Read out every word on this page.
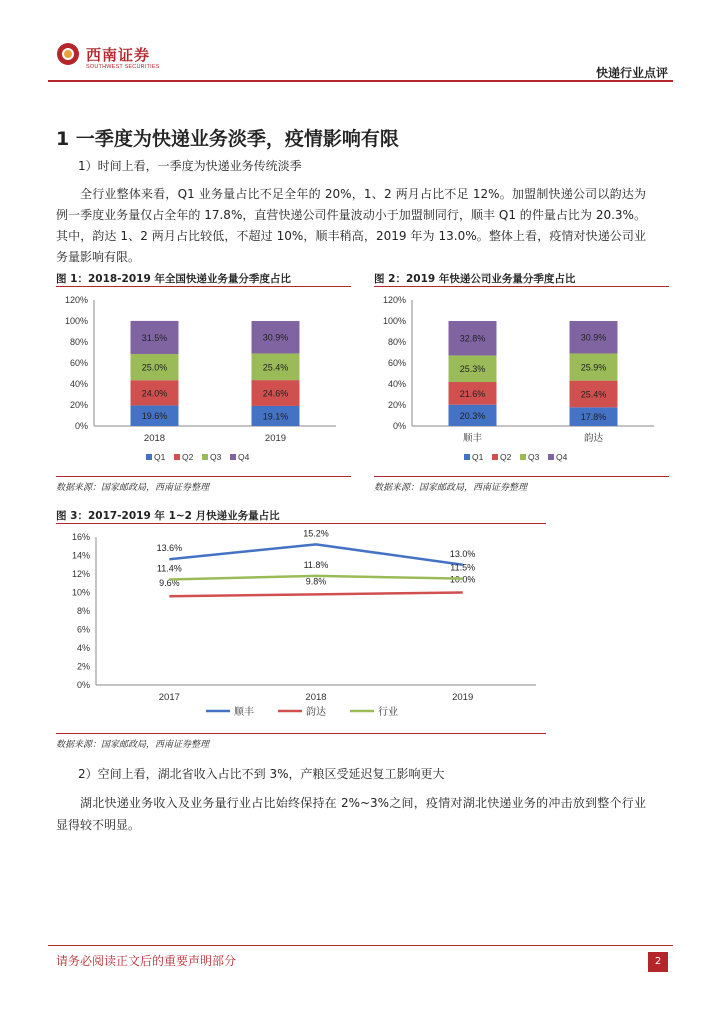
西南证券
SOUTHWEST SECURITIES	快递行业点评
1 一季度为快递业务淡季，疫情影响有限
1）时间上看，一季度为快递业务传统淡季
全行业整体来看，Q1 业务量占比不足全年的 20%，1、2 两月占比不足 12%。加盟制快递公司以韵达为例一季度业务量仅占全年的 17.8%，直营快递公司件量波动小于加盟制同行，顺丰 Q1 的件量占比为 20.3%。其中，韵达 1、2 两月占比较低，不超过 10%，顺丰稍高，2019 年为 13.0%。整体上看，疫情对快递公司业务量影响有限。
图 1：2018-2019 年全国快递业务量分季度占比
0%
20%
40%
60%
80%
100%
120%
19.6%
24.0%
25.0%
31.5%
2018
19.1%
24.6%
25.4%
30.9%
2019
Q1 Q2 Q3 Q4
数据来源：国家邮政局，西南证券整理
图 2：2019 年快递公司业务量分季度占比
0%
20%
40%
60%
80%
100%
120%
20.3%
21.6%
25.3%
32.8%
顺丰
17.8%
25.4%
25.9%
30.9%
韵达
Q1 Q2 Q3 Q4
数据来源：国家邮政局，西南证券整理
图 3：2017-2019 年 1~2 月快递业务量占比
0%
2%
4%
6%
8%
10%
12%
14%
16%
2017	2018	2019
13.6%
15.2%
13.0%
9.6%	9.8%	10.0%
11.4%	11.8%	11.5%
顺丰	韵达	行业
数据来源：国家邮政局，西南证券整理
2）空间上看，湖北省收入占比不到 3%，产粮区受延迟复工影响更大
湖北快递业务收入及业务量行业占比始终保持在 2%~3%之间，疫情对湖北快递业务的冲击放到整个行业显得较不明显。
请务必阅读正文后的重要声明部分	2
